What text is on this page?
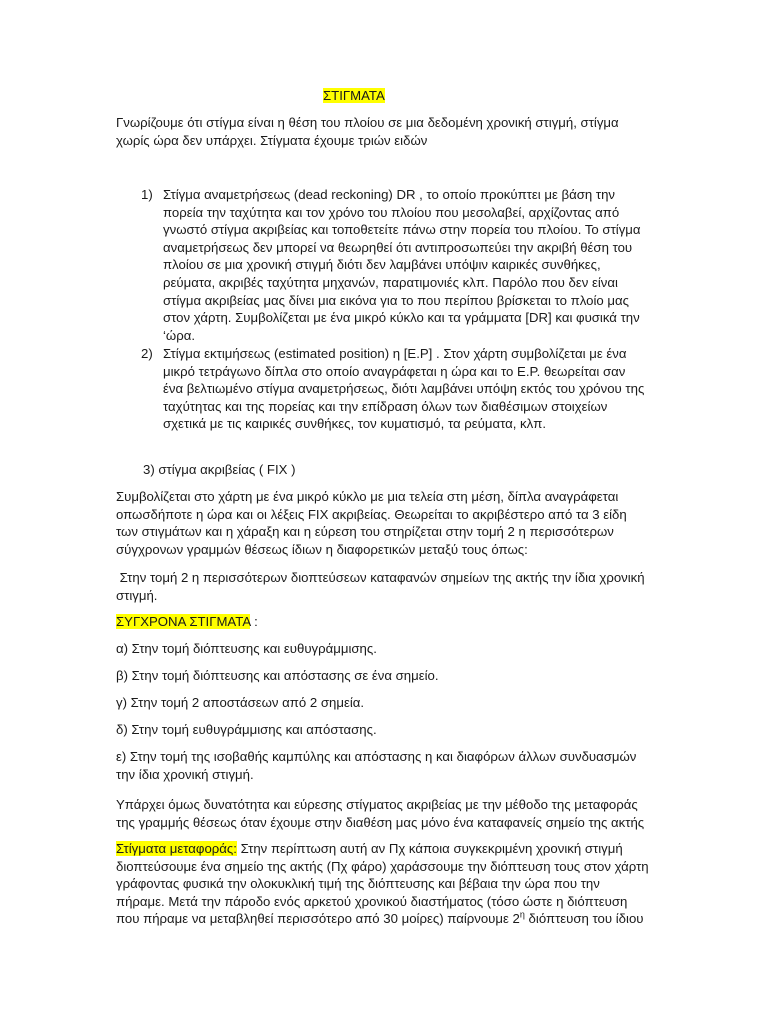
ΣΤΙΓΜΑΤΑ
Γνωρίζουμε ότι στίγμα είναι η θέση του πλοίου σε μια δεδομένη χρονική στιγμή, στίγμα
χωρίς ώρα δεν υπάρχει. Στίγματα έχουμε τριών ειδών
1) Στίγμα αναμετρήσεως (dead reckoning) DR , το οποίο προκύπτει με βάση την
πορεία την ταχύτητα και τον χρόνο του πλοίου που μεσολαβεί, αρχίζοντας από
γνωστό στίγμα ακριβείας και τοποθετείτε πάνω στην πορεία του πλοίου. Το στίγμα
αναμετρήσεως δεν μπορεί να θεωρηθεί ότι αντιπροσωπεύει την ακριβή θέση του
πλοίου σε μια χρονική στιγμή διότι δεν λαμβάνει υπόψιν καιρικές συνθήκες,
ρεύματα, ακριβές ταχύτητα μηχανών, παρατιμονιές κλπ. Παρόλο που δεν είναι
στίγμα ακριβείας μας δίνει μια εικόνα για το που περίπου βρίσκεται το πλοίο μας
στον χάρτη. Συμβολίζεται με ένα μικρό κύκλο και τα γράμματα [DR] και φυσικά την
‘ώρα.
2) Στίγμα εκτιμήσεως (estimated position) η [E.P] . Στον χάρτη συμβολίζεται με ένα
μικρό τετράγωνο δίπλα στο οποίο αναγράφεται η ώρα και το Ε.Ρ. θεωρείται σαν
ένα βελτιωμένο στίγμα αναμετρήσεως, διότι λαμβάνει υπόψη εκτός του χρόνου της
ταχύτητας και της πορείας και την επίδραση όλων των διαθέσιμων στοιχείων
σχετικά με τις καιρικές συνθήκες, τον κυματισμό, τα ρεύματα, κλπ.
3) στίγμα ακριβείας ( FIX )
Συμβολίζεται στο χάρτη με ένα μικρό κύκλο με μια τελεία στη μέση, δίπλα αναγράφεται
οπωσδήποτε η ώρα και οι λέξεις FIX ακριβείας. Θεωρείται το ακριβέστερο από τα 3 είδη
των στιγμάτων και η χάραξη και η εύρεση του στηρίζεται στην τομή 2 η περισσότερων
σύγχρονων γραμμών θέσεως ίδιων η διαφορετικών μεταξύ τους όπως:
Στην τομή 2 η περισσότερων διοπτεύσεων καταφανών σημείων της ακτής την ίδια χρονική
στιγμή.
ΣΥΓΧΡΟΝΑ ΣΤΙΓΜΑΤΑ :
α) Στην τομή διόπτευσης και ευθυγράμμισης.
β) Στην τομή διόπτευσης και απόστασης σε ένα σημείο.
γ) Στην τομή 2 αποστάσεων από 2 σημεία.
δ) Στην τομή ευθυγράμμισης και απόστασης.
ε) Στην τομή της ισοβαθής καμπύλης και απόστασης η και διαφόρων άλλων συνδυασμών
την ίδια χρονική στιγμή.
Υπάρχει όμως δυνατότητα και εύρεσης στίγματος ακριβείας με την μέθοδο της μεταφοράς
της γραμμής θέσεως όταν έχουμε στην διαθέση μας μόνο ένα καταφανείς σημείο της ακτής
Στίγματα μεταφοράς: Στην περίπτωση αυτή αν Πχ κάποια συγκεκριμένη χρονική στιγμή
διοπτεύσουμε ένα σημείο της ακτής (Πχ φάρο) χαράσσουμε την διόπτευση τους στον χάρτη
γράφοντας φυσικά την ολοκυκλική τιμή της διόπτευσης και βέβαια την ώρα που την
πήραμε. Μετά την πάροδο ενός αρκετού χρονικού διαστήματος (τόσο ώστε η διόπτευση
που πήραμε να μεταβληθεί περισσότερο από 30 μοίρες) παίρνουμε $2^\eta$ διόπτευση του ίδιου
